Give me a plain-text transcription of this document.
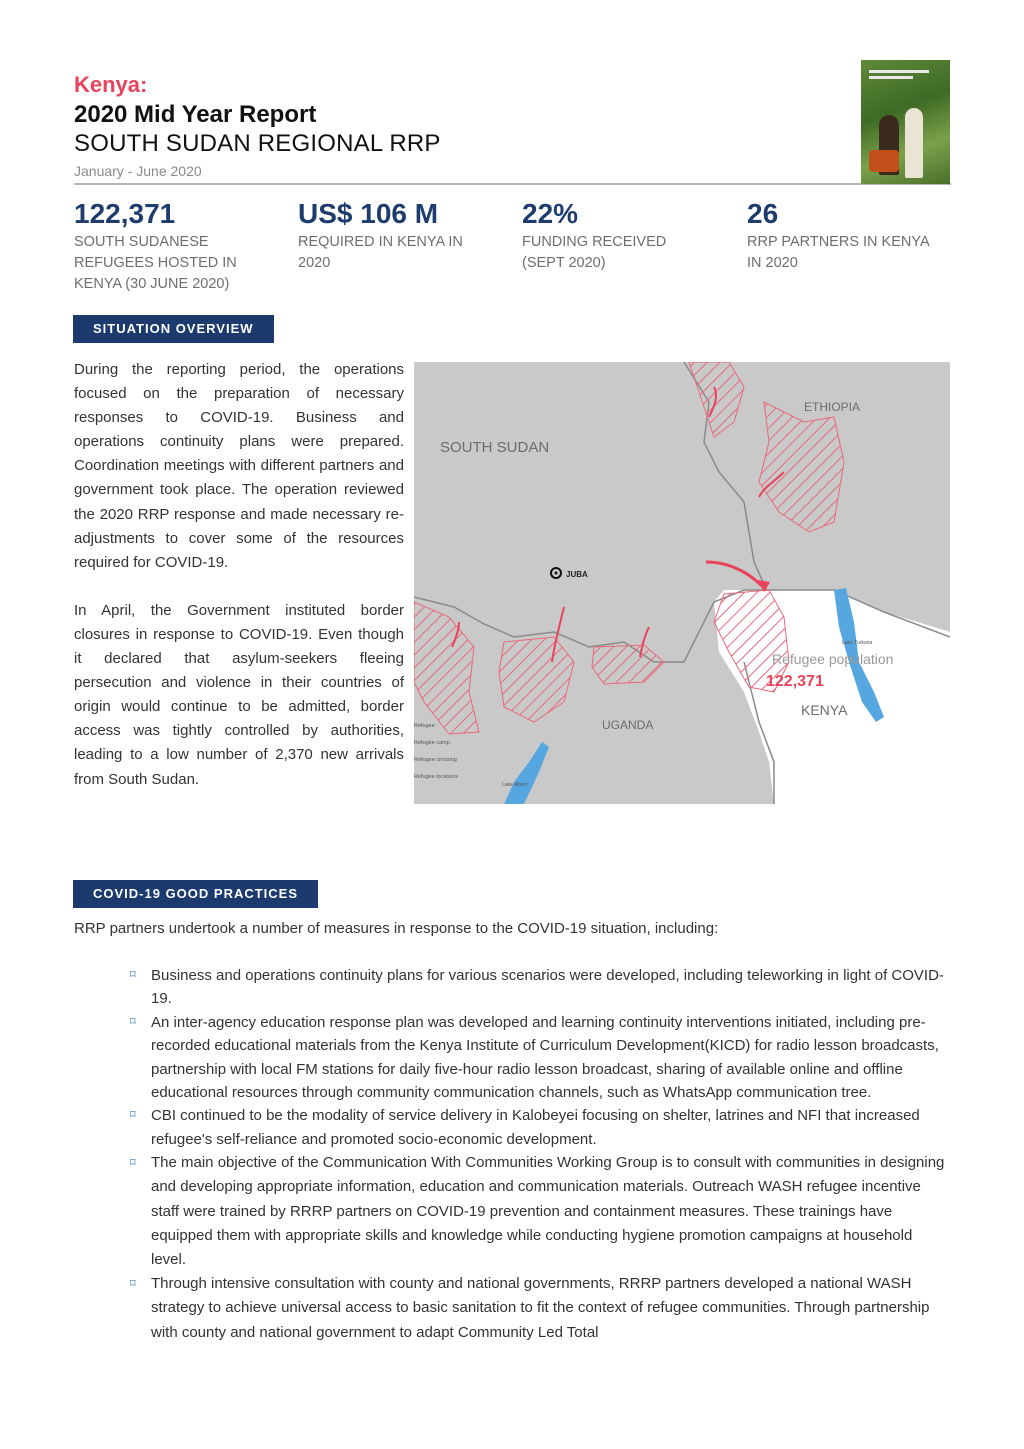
Kenya:
2020 Mid Year Report
SOUTH SUDAN REGIONAL RRP
January - June 2020
122,371
SOUTH SUDANESE REFUGEES HOSTED IN KENYA (30 JUNE 2020)
US$ 106 M
REQUIRED IN KENYA IN 2020
22%
FUNDING RECEIVED (SEPT 2020)
26
RRP PARTNERS IN KENYA IN 2020
SITUATION OVERVIEW

During the reporting period, the operations focused on the preparation of necessary responses to COVID-19. Business and operations continuity plans were prepared. Coordination meetings with different partners and government took place. The operation reviewed the 2020 RRP response and made necessary re-adjustments to cover some of the resources required for COVID-19.

In April, the Government instituted border closures in response to COVID-19. Even though it declared that asylum-seekers fleeing persecution and violence in their countries of origin would continue to be admitted, border access was tightly controlled by authorities, leading to a low number of 2,370 new arrivals from South Sudan.

ETHIOPIA
SOUTH SUDAN
JUBA
UGANDA
KENYA
Lake Turkana
Lake Albert
Refugee population
122,371
Refugee
Refugee camp
Refugee crossing
Refugee locations
COVID-19 GOOD PRACTICES
RRP partners undertook a number of measures in response to the COVID-19 situation, including:
⌑ Business and operations continuity plans for various scenarios were developed, including teleworking in light of COVID-19.
⌑ An inter-agency education response plan was developed and learning continuity interventions initiated, including pre-recorded educational materials from the Kenya Institute of Curriculum Development(KICD) for radio lesson broadcasts, partnership with local FM stations for daily five-hour radio lesson broadcast, sharing of available online and offline educational resources through community communication channels, such as WhatsApp communication tree.
⌑ CBI continued to be the modality of service delivery in Kalobeyei focusing on shelter, latrines and NFI that increased refugee's self-reliance and promoted socio-economic development.
⌑ The main objective of the Communication With Communities Working Group is to consult with communities in designing and developing appropriate information, education and communication materials. Outreach WASH refugee incentive staff were trained by RRRP partners on COVID-19 prevention and containment measures. These trainings have equipped them with appropriate skills and knowledge while conducting hygiene promotion campaigns at household level.
⌑ Through intensive consultation with county and national governments, RRRP partners developed a national WASH strategy to achieve universal access to basic sanitation to fit the context of refugee communities. Through partnership with county and national government to adapt Community Led Total
